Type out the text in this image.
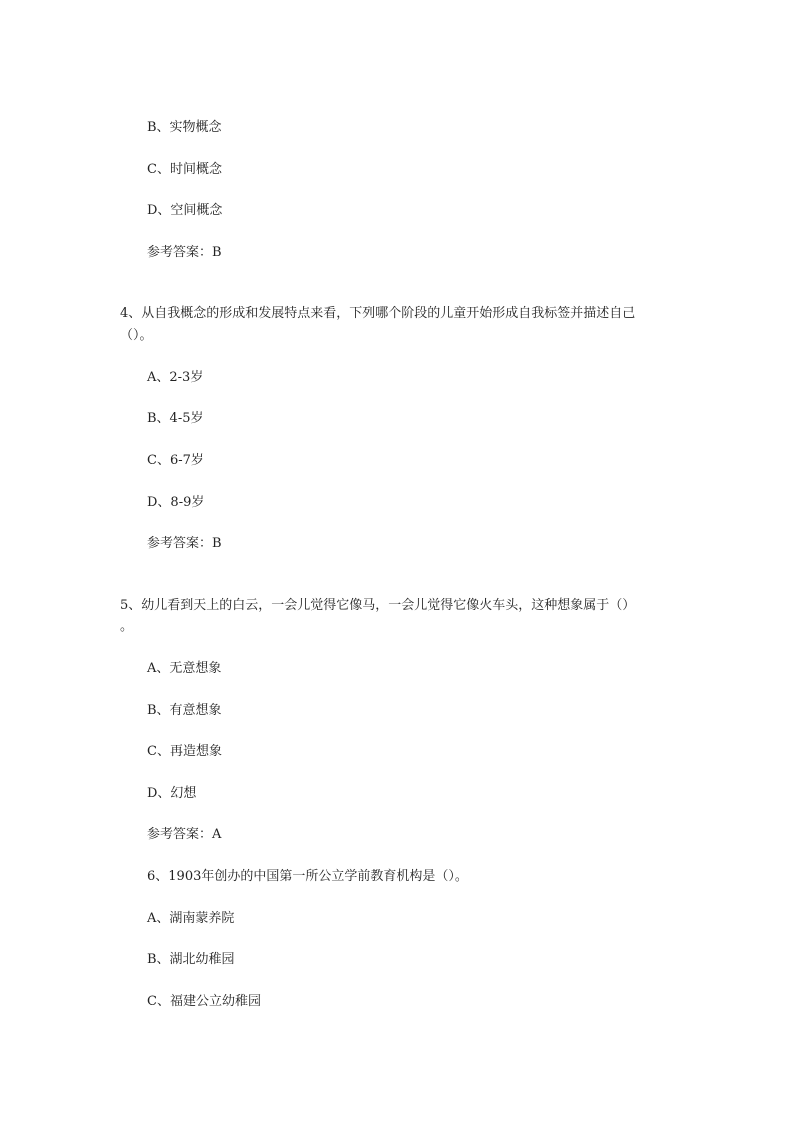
B、实物概念
C、时间概念
D、空间概念
参考答案：B
4、从自我概念的形成和发展特点来看，下列哪个阶段的儿童开始形成自我标签并描述自己
（）。
A、2-3岁
B、4-5岁
C、6-7岁
D、8-9岁
参考答案：B
5、幼儿看到天上的白云，一会儿觉得它像马，一会儿觉得它像火车头，这种想象属于（）
。
A、无意想象
B、有意想象
C、再造想象
D、幻想
参考答案：A
6、1903年创办的中国第一所公立学前教育机构是（）。
A、湖南蒙养院
B、湖北幼稚园
C、福建公立幼稚园
